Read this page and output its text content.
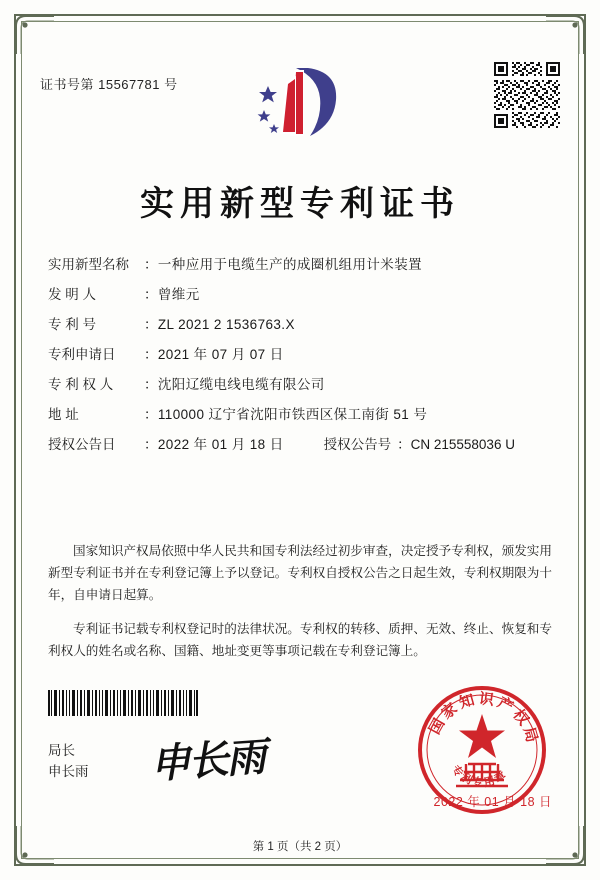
证书号第 15567781 号
实用新型专利证书
实用新型名称	：一种应用于电缆生产的成圈机组用计米装置
发 明 人	：曾维元
专 利 号	：ZL 2021 2 1536763.X
专利申请日	：2021 年 07 月 07 日
专 利 权 人	：沈阳辽缆电线电缆有限公司
地 址	：110000 辽宁省沈阳市铁西区保工南街 51 号
授权公告日	：2022 年 01 月 18 日	授权公告号 ：CN 215558036 U

国家知识产权局依照中华人民共和国专利法经过初步审查，决定授予专利权，颁发实用新型专利证书并在专利登记簿上予以登记。专利权自授权公告之日起生效，专利权期限为十年，自申请日起算。

专利证书记载专利权登记时的法律状况。专利权的转移、质押、无效、终止、恢复和专利权人的姓名或名称、国籍、地址变更等事项记载在专利登记簿上。

局长
申长雨 申长雨
国家知识产权局
专利专用章
2022 年 01 月 18 日
第 1 页（共 2 页）
